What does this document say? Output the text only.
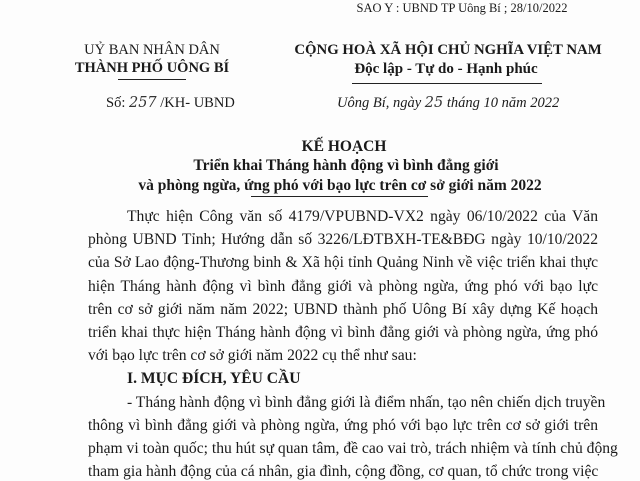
SAO Y : UBND TP Uông Bí ; 28/10/2022
UỶ BAN NHÂN DÂN
THÀNH PHỐ UÔNG BÍ
CỘNG HOÀ XÃ HỘI CHỦ NGHĨA VIỆT NAM
Độc lập - Tự do - Hạnh phúc
Số: 257 /KH- UBND	Uông Bí, ngày 25 tháng 10 năm 2022
KẾ HOẠCH
Triển khai Tháng hành động vì bình đẳng giới
và phòng ngừa, ứng phó với bạo lực trên cơ sở giới năm 2022
Thực hiện Công văn số 4179/VPUBND-VX2 ngày 06/10/2022 của Văn
phòng UBND Tỉnh; Hướng dẫn số 3226/LĐTBXH-TE&BĐG ngày 10/10/2022
của Sở Lao động-Thương binh & Xã hội tỉnh Quảng Ninh về việc triển khai thực
hiện Tháng hành động vì bình đẳng giới và phòng ngừa, ứng phó với bạo lực
trên cơ sở giới năm năm 2022; UBND thành phố Uông Bí xây dựng Kế hoạch
triển khai thực hiện Tháng hành động vì bình đẳng giới và phòng ngừa, ứng phó
với bạo lực trên cơ sở giới năm 2022 cụ thể như sau:
I. MỤC ĐÍCH, YÊU CẦU
- Tháng hành động vì bình đẳng giới là điểm nhấn, tạo nên chiến dịch truyền
thông vì bình đẳng giới và phòng ngừa, ứng phó với bạo lực trên cơ sở giới trên
phạm vi toàn quốc; thu hút sự quan tâm, đề cao vai trò, trách nhiệm và tính chủ động
tham gia hành động của cá nhân, gia đình, cộng đồng, cơ quan, tổ chức trong việc
